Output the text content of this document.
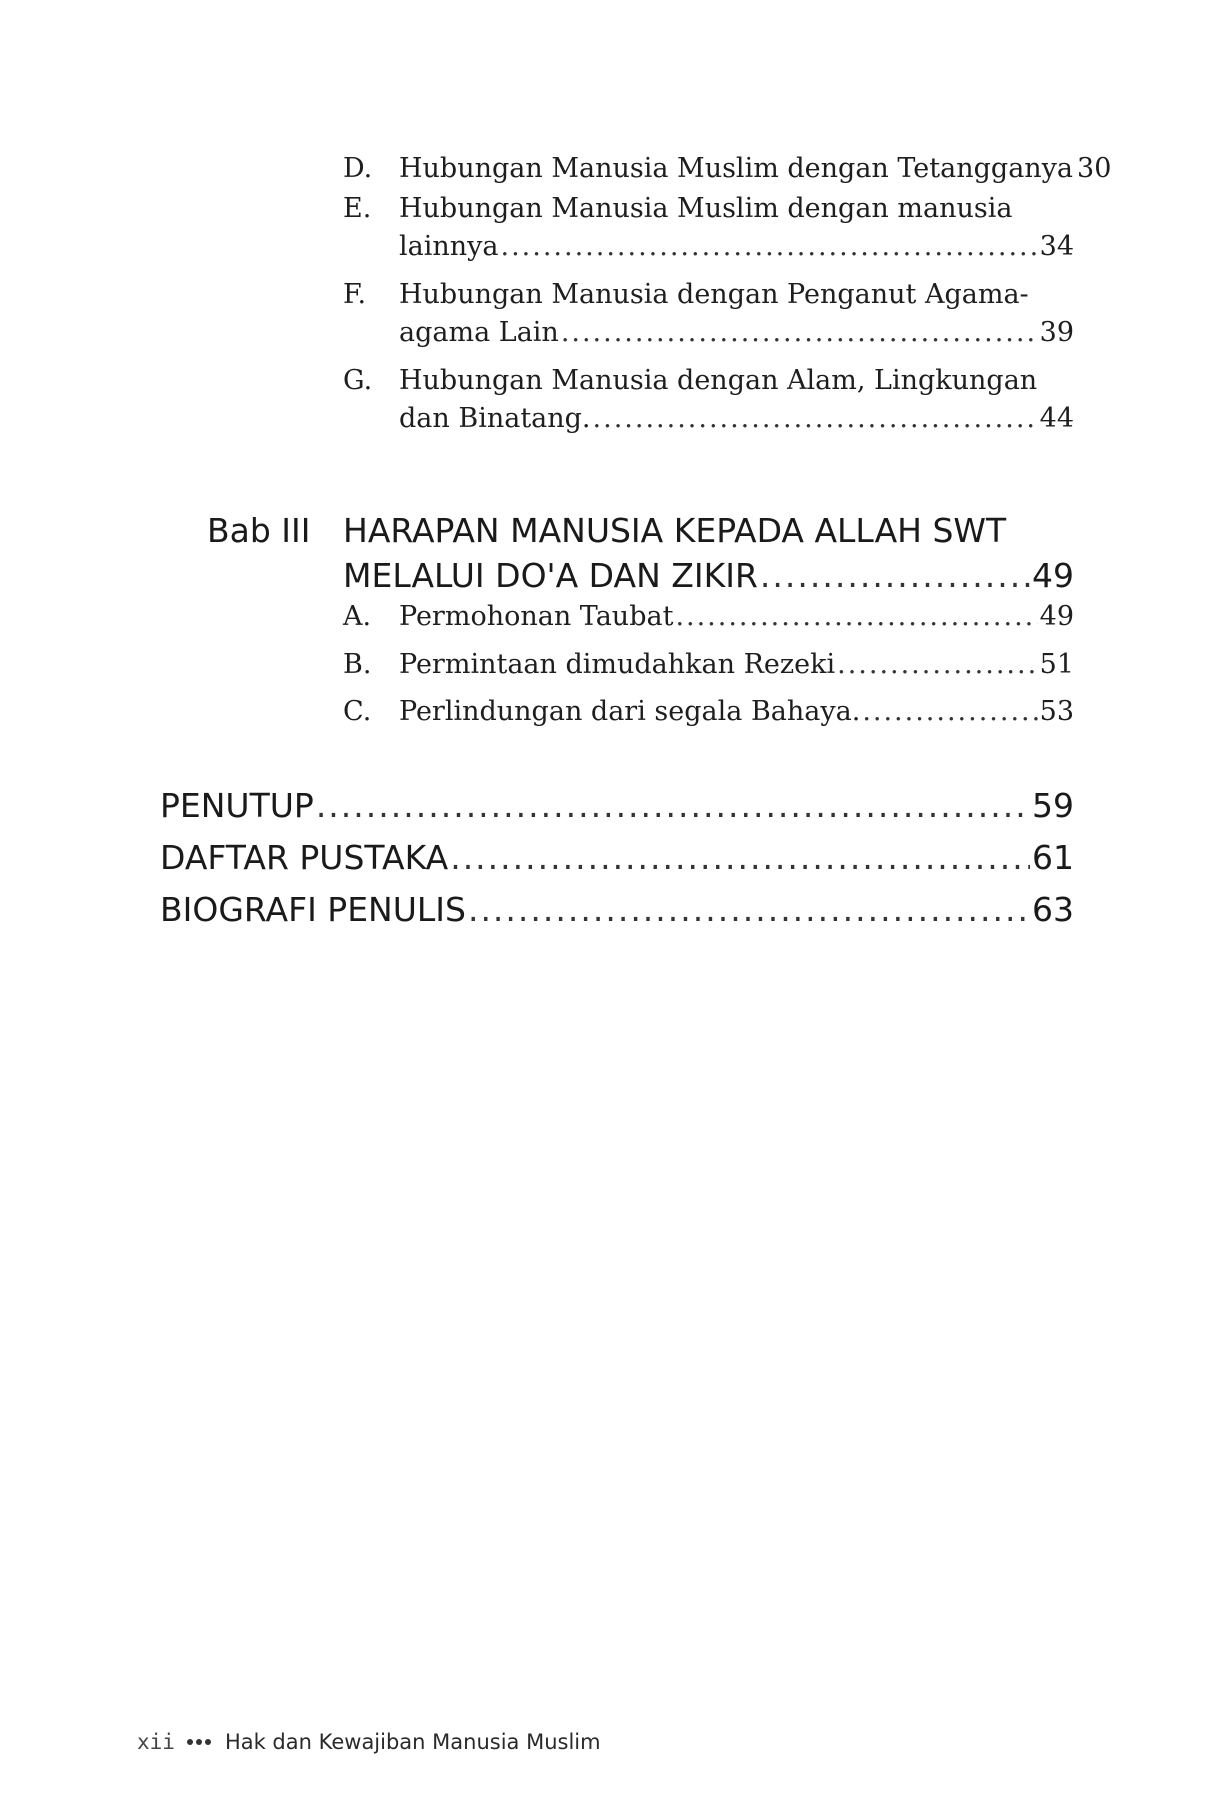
D. Hubungan Manusia Muslim dengan Tetangganya 30
E. Hubungan Manusia Muslim dengan manusia
lainnya .....	34
F. Hubungan Manusia dengan Penganut Agama-
agama Lain .....	39
G. Hubungan Manusia dengan Alam, Lingkungan
dan Binatang. .....	44
Bab III HARAPAN MANUSIA KEPADA ALLAH SWT
MELALUI DO'A DAN ZIKIR .....	49
A. Permohonan Taubat .....	49
B. Permintaan dimudahkan Rezeki .....	51
C. Perlindungan dari segala Bahaya. .....	53
PENUTUP .....	59
DAFTAR PUSTAKA .....	61
BIOGRAFI PENULIS .....	63
xii Hak dan Kewajiban Manusia Muslim
